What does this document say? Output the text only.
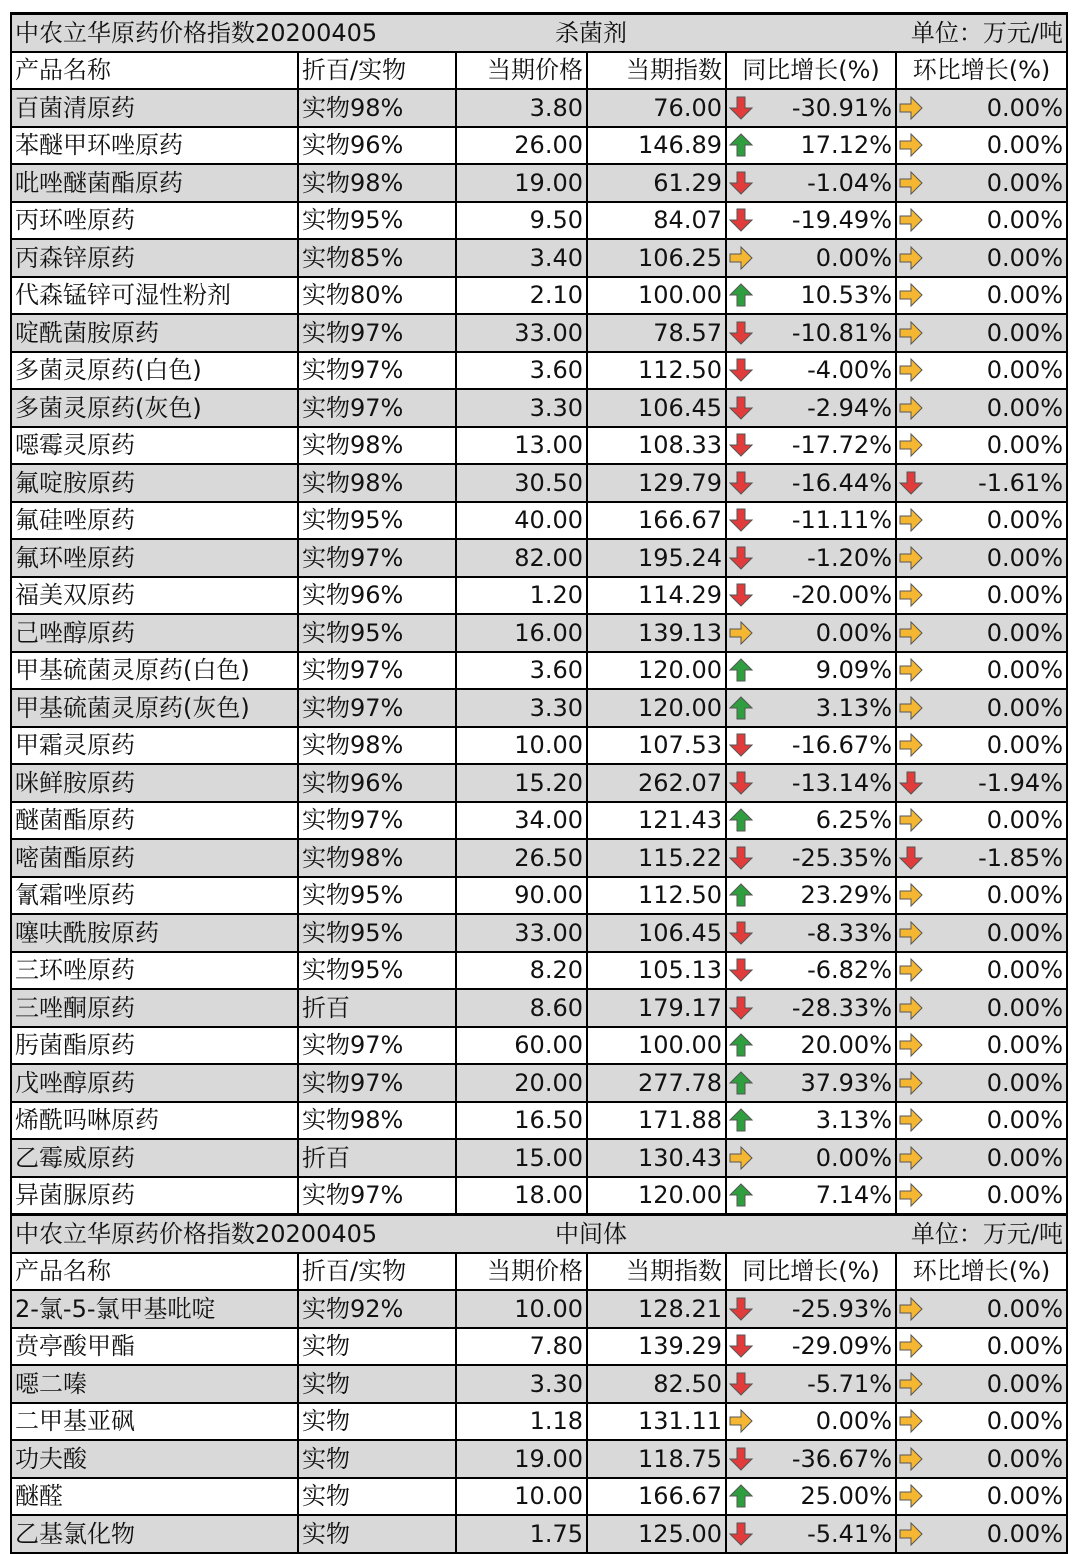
中农立华原药价格指数20200405		杀菌剂		单位：万元/吨	
产品名称	折百/实物	当期价格	当期指数	同比增长(%)	环比增长(%)
百菌清原药	实物98%	3.80	76.00	-30.91%	0.00%

苯醚甲环唑原药	实物96%	26.00	146.89	17.12%	0.00%

吡唑醚菌酯原药	实物98%	19.00	61.29	-1.04%	0.00%

丙环唑原药	实物95%	9.50	84.07	-19.49%	0.00%

丙森锌原药	实物85%	3.40	106.25	0.00%	0.00%

代森锰锌可湿性粉剂	实物80%	2.10	100.00	10.53%	0.00%

啶酰菌胺原药	实物97%	33.00	78.57	-10.81%	0.00%

多菌灵原药(白色)	实物97%	3.60	112.50	-4.00%	0.00%

多菌灵原药(灰色)	实物97%	3.30	106.45	-2.94%	0.00%

噁霉灵原药	实物98%	13.00	108.33	-17.72%	0.00%

氟啶胺原药	实物98%	30.50	129.79	-16.44%	-1.61%

氟硅唑原药	实物95%	40.00	166.67	-11.11%	0.00%

氟环唑原药	实物97%	82.00	195.24	-1.20%	0.00%

福美双原药	实物96%	1.20	114.29	-20.00%	0.00%

己唑醇原药	实物95%	16.00	139.13	0.00%	0.00%

甲基硫菌灵原药(白色)	实物97%	3.60	120.00	9.09%	0.00%

甲基硫菌灵原药(灰色)	实物97%	3.30	120.00	3.13%	0.00%

甲霜灵原药	实物98%	10.00	107.53	-16.67%	0.00%

咪鲜胺原药	实物96%	15.20	262.07	-13.14%	-1.94%

醚菌酯原药	实物97%	34.00	121.43	6.25%	0.00%

嘧菌酯原药	实物98%	26.50	115.22	-25.35%	-1.85%

氰霜唑原药	实物95%	90.00	112.50	23.29%	0.00%

噻呋酰胺原药	实物95%	33.00	106.45	-8.33%	0.00%

三环唑原药	实物95%	8.20	105.13	-6.82%	0.00%

三唑酮原药	折百	8.60	179.17	-28.33%	0.00%

肟菌酯原药	实物97%	60.00	100.00	20.00%	0.00%

戊唑醇原药	实物97%	20.00	277.78	37.93%	0.00%

烯酰吗啉原药	实物98%	16.50	171.88	3.13%	0.00%

乙霉威原药	折百	15.00	130.43	0.00%	0.00%

异菌脲原药	实物97%	18.00	120.00	7.14%	0.00%

中农立华原药价格指数20200405		中间体		单位：万元/吨	
产品名称	折百/实物	当期价格	当期指数	同比增长(%)	环比增长(%)
2-氯-5-氯甲基吡啶	实物92%	10.00	128.21	-25.93%	0.00%

贲亭酸甲酯	实物	7.80	139.29	-29.09%	0.00%

噁二嗪	实物	3.30	82.50	-5.71%	0.00%

二甲基亚砜	实物	1.18	131.11	0.00%	0.00%

功夫酸	实物	19.00	118.75	-36.67%	0.00%

醚醛	实物	10.00	166.67	25.00%	0.00%

乙基氯化物	实物	1.75	125.00	-5.41%	0.00%
